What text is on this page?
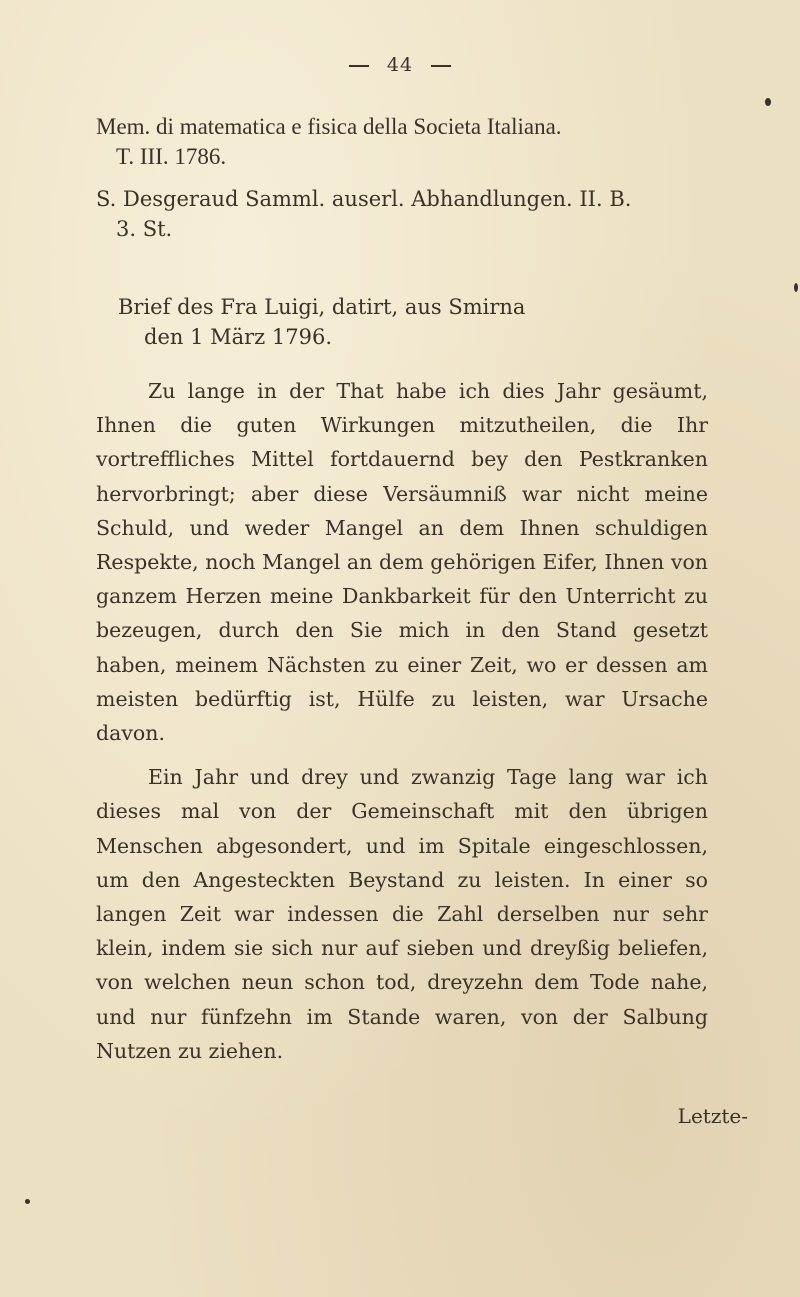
44
Mem. di matematica e fisica della Societa Italiana.
T. III. 1786.
S. Desgeraud Samml. auserl. Abhandlungen. II. B.
3. St.
Brief des Fra Luigi, datirt, aus Smirna
den 1 März 1796.

Zu lange in der That habe ich dies Jahr gesäumt, Ihnen die guten Wirkungen mitzutheilen, die Ihr vortreffliches Mittel fortdauernd bey den Pestkranken hervorbringt; aber diese Versäumniß war nicht meine Schuld, und weder Mangel an dem Ihnen schuldigen Respekte, noch Mangel an dem gehörigen Eifer, Ihnen von ganzem Herzen meine Dankbarkeit für den Unterricht zu bezeugen, durch den Sie mich in den Stand gesetzt haben, meinem Nächsten zu einer Zeit, wo er dessen am meisten bedürftig ist, Hülfe zu leisten, war Ursache davon.

Ein Jahr und drey und zwanzig Tage lang war ich dieses mal von der Gemeinschaft mit den übrigen Menschen abgesondert, und im Spitale eingeschlossen, um den Angesteckten Beystand zu leisten. In einer so langen Zeit war indessen die Zahl derselben nur sehr klein, indem sie sich nur auf sieben und dreyßig beliefen, von welchen neun schon tod, dreyzehn dem Tode nahe, und nur fünfzehn im Stande waren, von der Salbung Nutzen zu ziehen.

Letzte-
